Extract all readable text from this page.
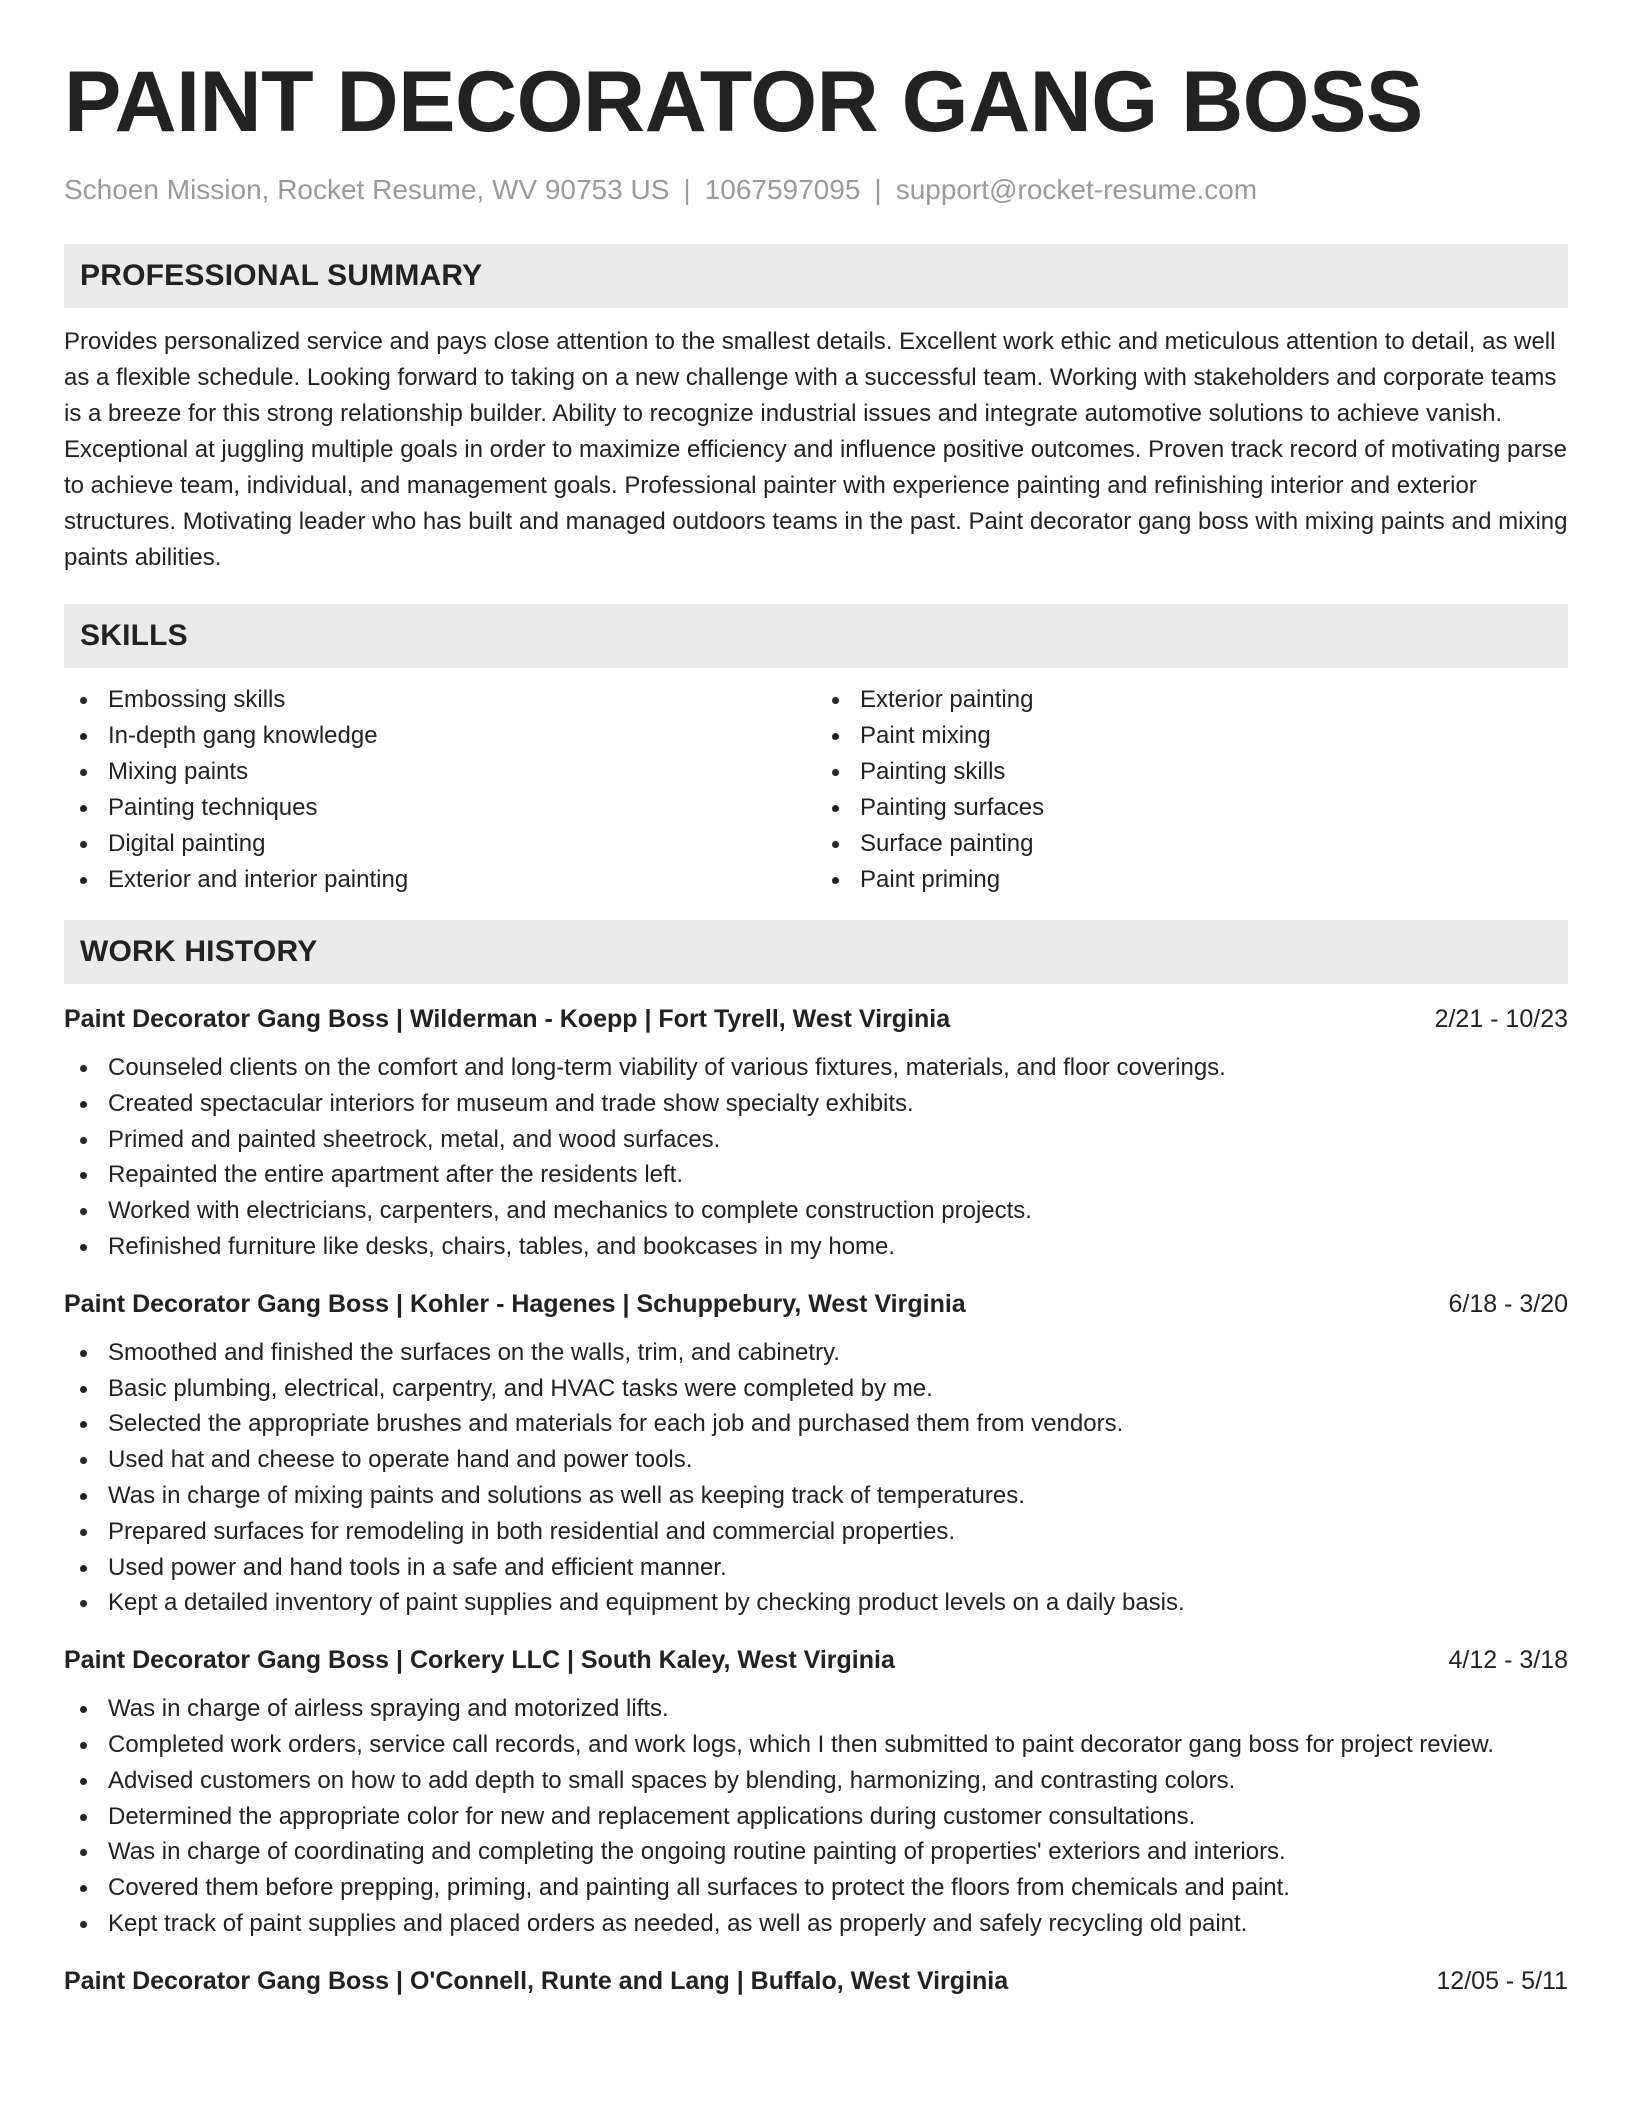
PAINT DECORATOR GANG BOSS
Schoen Mission, Rocket Resume, WV 90753 US | 1067597095 | support@rocket-resume.com
PROFESSIONAL SUMMARY
Provides personalized service and pays close attention to the smallest details. Excellent work ethic and meticulous attention to detail, as well as a flexible schedule. Looking forward to taking on a new challenge with a successful team. Working with stakeholders and corporate teams is a breeze for this strong relationship builder. Ability to recognize industrial issues and integrate automotive solutions to achieve vanish. Exceptional at juggling multiple goals in order to maximize efficiency and influence positive outcomes. Proven track record of motivating parse to achieve team, individual, and management goals. Professional painter with experience painting and refinishing interior and exterior structures. Motivating leader who has built and managed outdoors teams in the past. Paint decorator gang boss with mixing paints and mixing paints abilities.
SKILLS
Embossing skills
In-depth gang knowledge
Mixing paints
Painting techniques
Digital painting
Exterior and interior painting
Exterior painting
Paint mixing
Painting skills
Painting surfaces
Surface painting
Paint priming
WORK HISTORY
Paint Decorator Gang Boss | Wilderman - Koepp | Fort Tyrell, West Virginia	2/21 - 10/23
Counseled clients on the comfort and long-term viability of various fixtures, materials, and floor coverings.
Created spectacular interiors for museum and trade show specialty exhibits.
Primed and painted sheetrock, metal, and wood surfaces.
Repainted the entire apartment after the residents left.
Worked with electricians, carpenters, and mechanics to complete construction projects.
Refinished furniture like desks, chairs, tables, and bookcases in my home.
Paint Decorator Gang Boss | Kohler - Hagenes | Schuppebury, West Virginia	6/18 - 3/20
Smoothed and finished the surfaces on the walls, trim, and cabinetry.
Basic plumbing, electrical, carpentry, and HVAC tasks were completed by me.
Selected the appropriate brushes and materials for each job and purchased them from vendors.
Used hat and cheese to operate hand and power tools.
Was in charge of mixing paints and solutions as well as keeping track of temperatures.
Prepared surfaces for remodeling in both residential and commercial properties.
Used power and hand tools in a safe and efficient manner.
Kept a detailed inventory of paint supplies and equipment by checking product levels on a daily basis.
Paint Decorator Gang Boss | Corkery LLC | South Kaley, West Virginia	4/12 - 3/18
Was in charge of airless spraying and motorized lifts.
Completed work orders, service call records, and work logs, which I then submitted to paint decorator gang boss for project review.
Advised customers on how to add depth to small spaces by blending, harmonizing, and contrasting colors.
Determined the appropriate color for new and replacement applications during customer consultations.
Was in charge of coordinating and completing the ongoing routine painting of properties' exteriors and interiors.
Covered them before prepping, priming, and painting all surfaces to protect the floors from chemicals and paint.
Kept track of paint supplies and placed orders as needed, as well as properly and safely recycling old paint.
Paint Decorator Gang Boss | O'Connell, Runte and Lang | Buffalo, West Virginia	12/05 - 5/11
